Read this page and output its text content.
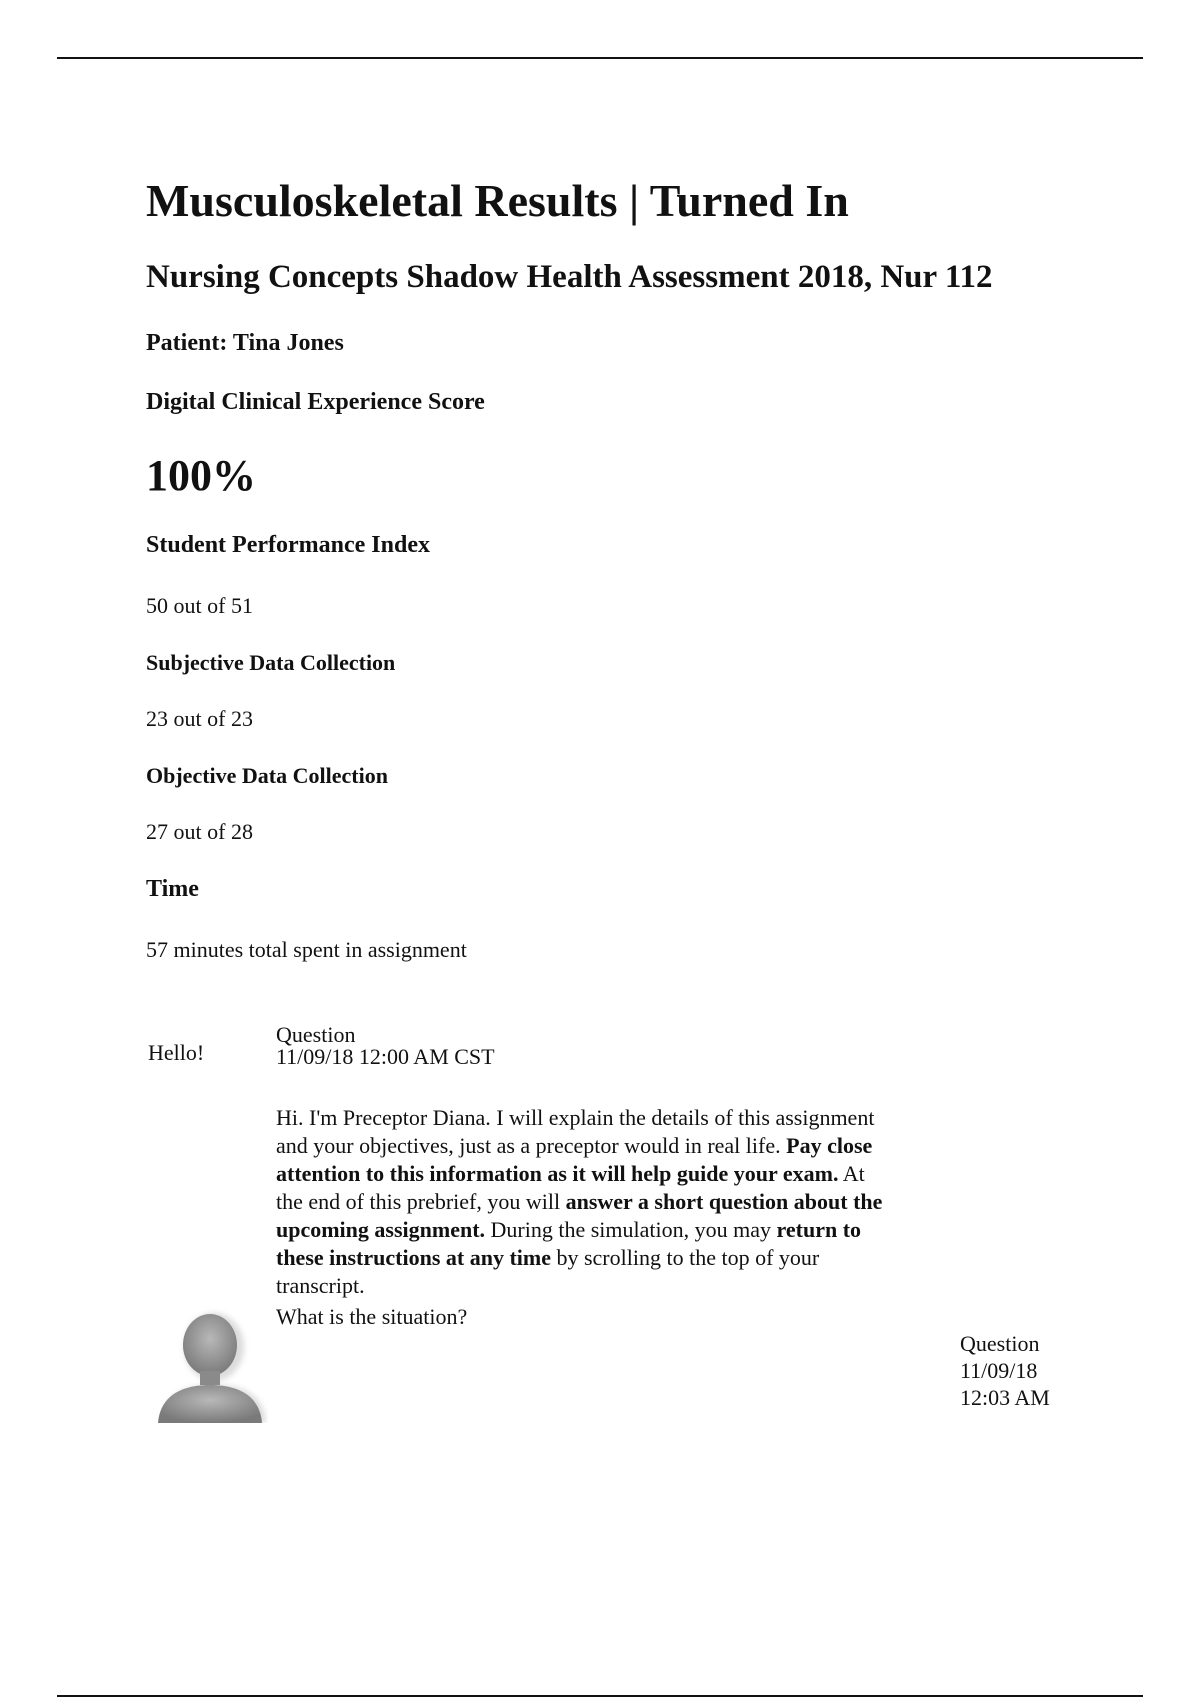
Musculoskeletal Results | Turned In
Nursing Concepts Shadow Health Assessment 2018, Nur 112
Patient: Tina Jones
Digital Clinical Experience Score
100%
Student Performance Index
50 out of 51
Subjective Data Collection
23 out of 23
Objective Data Collection
27 out of 28
Time
57 minutes total spent in assignment
Hello!
Question
11/09/18 12:00 AM CST

Hi. I'm Preceptor Diana. I will explain the details of this assignment

and your objectives, just as a preceptor would in real life. Pay close

attention to this information as it will help guide your exam. At

the end of this prebrief, you will answer a short question about the

upcoming assignment. During the simulation, you may return to

these instructions at any time by scrolling to the top of your

transcript.

What is the situation?
Question
11/09/18
12:03 AM
